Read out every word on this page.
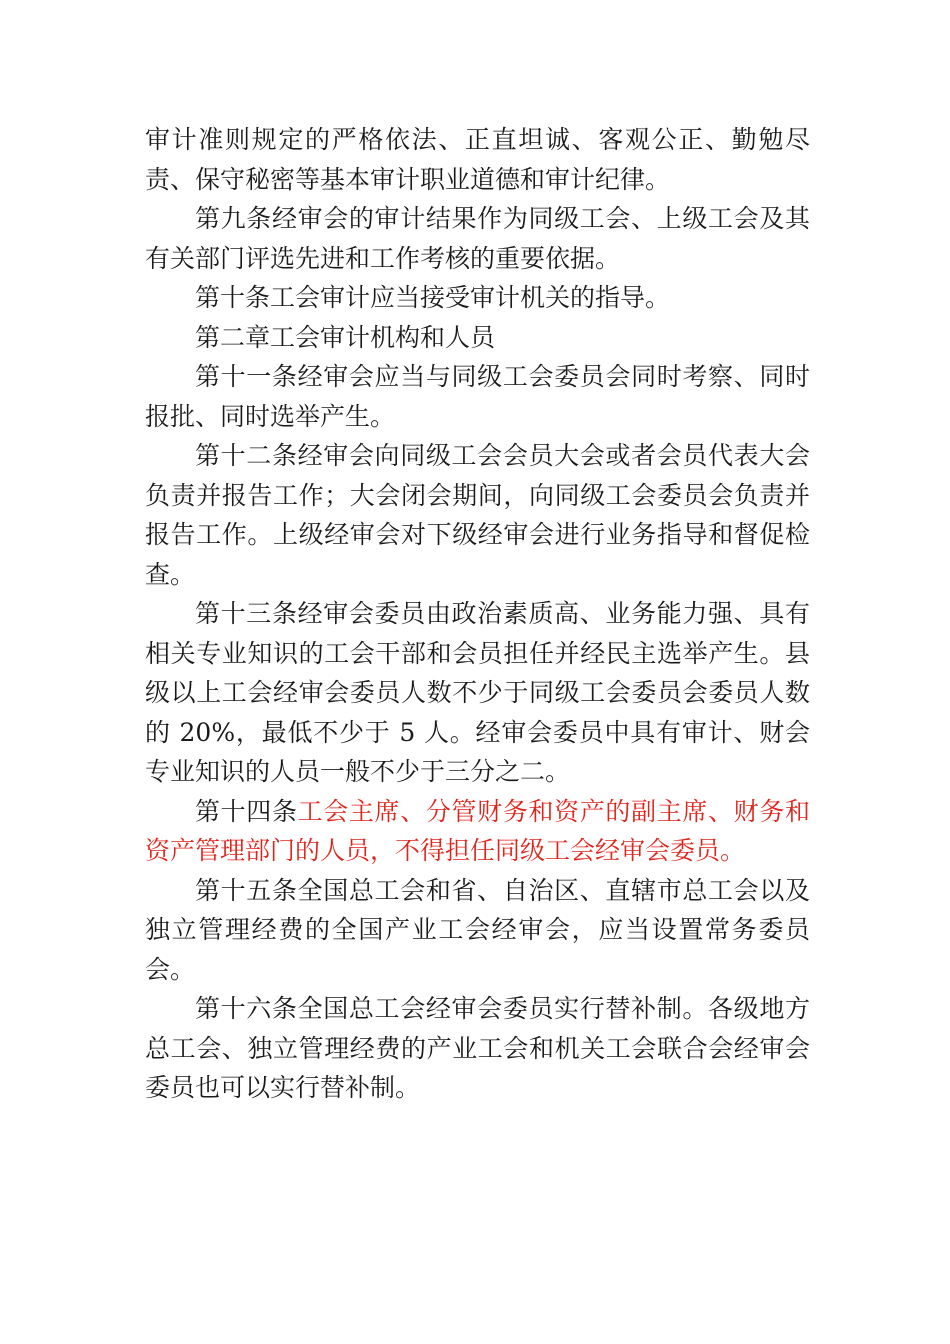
审计准则规定的严格依法、正直坦诚、客观公正、勤勉尽责、保守秘密等基本审计职业道德和审计纪律。

第九条经审会的审计结果作为同级工会、上级工会及其有关部门评选先进和工作考核的重要依据。

第十条工会审计应当接受审计机关的指导。

第二章工会审计机构和人员

第十一条经审会应当与同级工会委员会同时考察、同时报批、同时选举产生。

第十二条经审会向同级工会会员大会或者会员代表大会负责并报告工作；大会闭会期间，向同级工会委员会负责并报告工作。上级经审会对下级经审会进行业务指导和督促检查。

第十三条经审会委员由政治素质高、业务能力强、具有相关专业知识的工会干部和会员担任并经民主选举产生。县级以上工会经审会委员人数不少于同级工会委员会委员人数的 20%，最低不少于 5 人。经审会委员中具有审计、财会专业知识的人员一般不少于三分之二。

第十四条工会主席、分管财务和资产的副主席、财务和资产管理部门的人员，不得担任同级工会经审会委员。

第十五条全国总工会和省、自治区、直辖市总工会以及独立管理经费的全国产业工会经审会，应当设置常务委员会。

第十六条全国总工会经审会委员实行替补制。各级地方总工会、独立管理经费的产业工会和机关工会联合会经审会委员也可以实行替补制。
